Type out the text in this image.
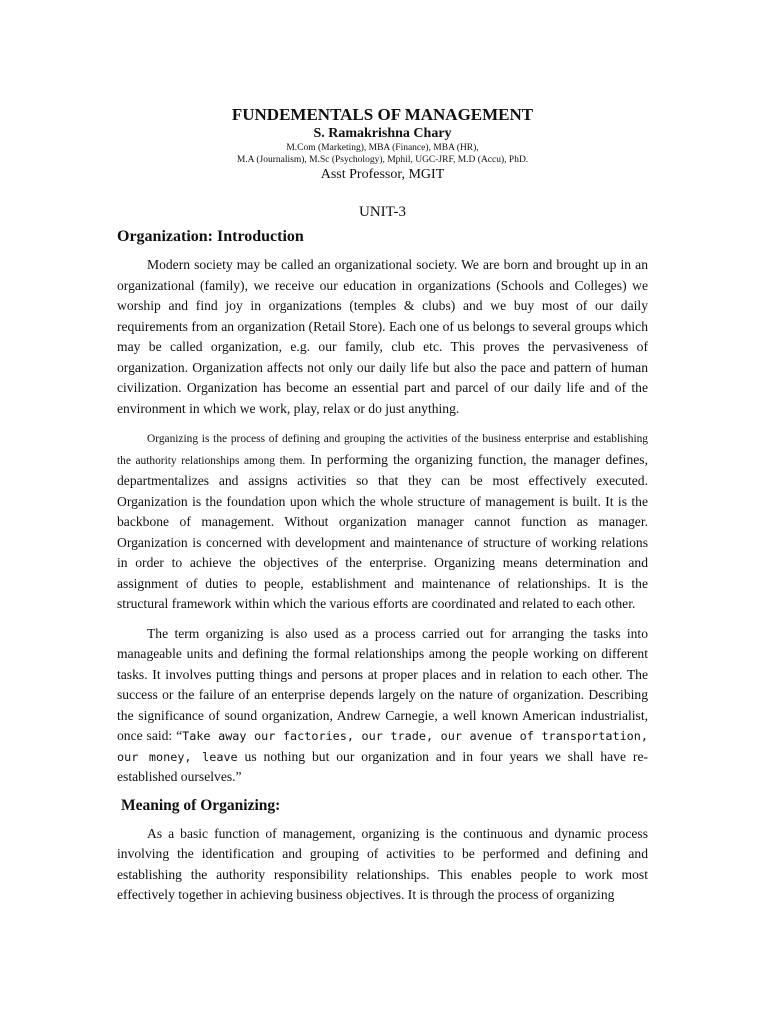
FUNDEMENTALS OF MANAGEMENT

S. Ramakrishna Chary

M.Com (Marketing), MBA (Finance), MBA (HR),

M.A (Journalism), M.Sc (Psychology), Mphil, UGC-JRF, M.D (Accu), PhD.

Asst Professor, MGIT

UNIT-3

Organization: Introduction

Modern society may be called an organizational society. We are born and brought up in an organizational (family), we receive our education in organizations (Schools and Colleges) we worship and find joy in organizations (temples & clubs) and we buy most of our daily requirements from an organization (Retail Store). Each one of us belongs to several groups which may be called organization, e.g. our family, club etc. This proves the pervasiveness of organization. Organization affects not only our daily life but also the pace and pattern of human civilization. Organization has become an essential part and parcel of our daily life and of the environment in which we work, play, relax or do just anything.

Organizing is the process of defining and grouping the activities of the business enterprise and establishing the authority relationships among them. In performing the organizing function, the manager defines, departmentalizes and assigns activities so that they can be most effectively executed. Organization is the foundation upon which the whole structure of management is built. It is the backbone of management. Without organization manager cannot function as manager. Organization is concerned with development and maintenance of structure of working relations in order to achieve the objectives of the enterprise. Organizing means determination and assignment of duties to people, establishment and maintenance of relationships. It is the structural framework within which the various efforts are coordinated and related to each other.

The term organizing is also used as a process carried out for arranging the tasks into manageable units and defining the formal relationships among the people working on different tasks. It involves putting things and persons at proper places and in relation to each other. The success or the failure of an enterprise depends largely on the nature of organization. Describing the significance of sound organization, Andrew Carnegie, a well known American industrialist, once said: “Take away our factories, our trade, our avenue of transportation, our money, leave us nothing but our organization and in four years we shall have re-established ourselves.”

Meaning of Organizing:

As a basic function of management, organizing is the continuous and dynamic process involving the identification and grouping of activities to be performed and defining and establishing the authority responsibility relationships. This enables people to work most effectively together in achieving business objectives. It is through the process of organizing
